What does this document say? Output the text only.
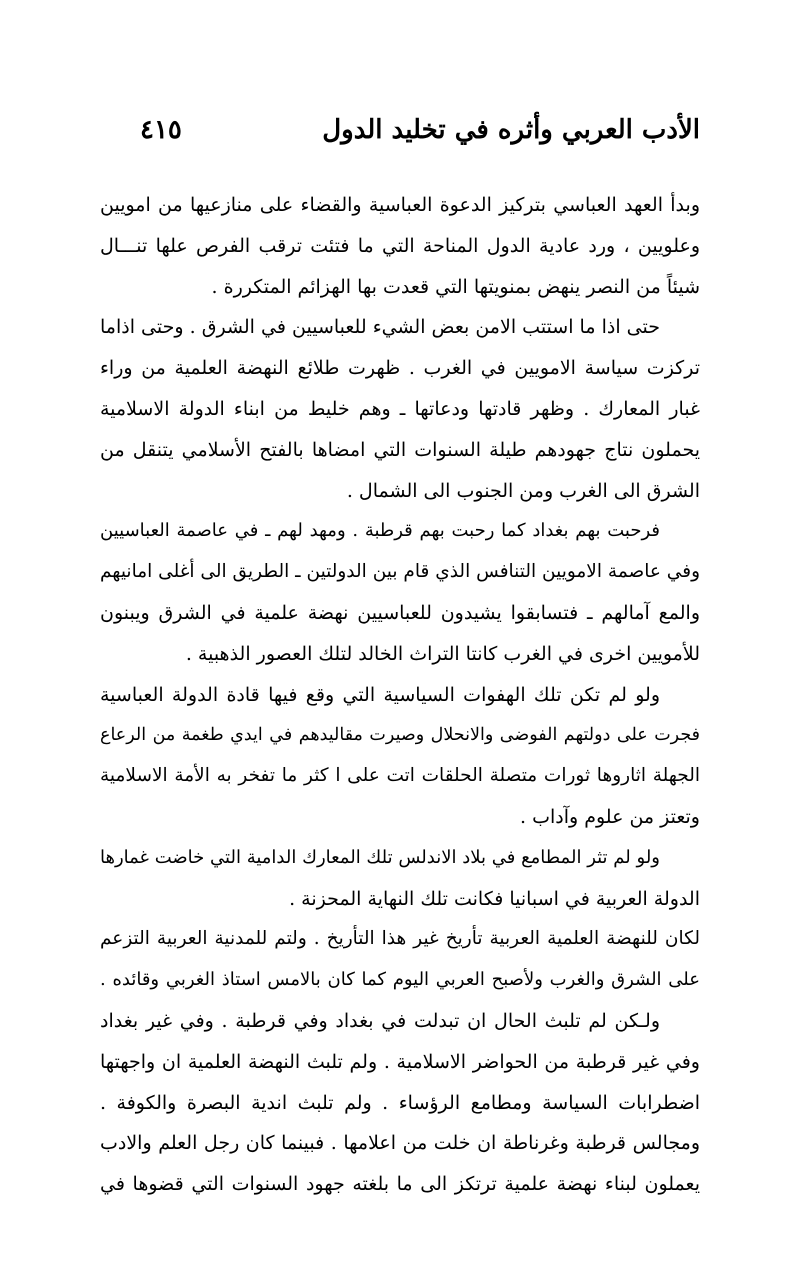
الأدب العربي وأثره في تخليد الدول
٤١٥
وبدأ العهد العباسي بتركيز الدعوة العباسية والقضاء على منازعيها من امويين
وعلويين ، ورد عادية الدول المناحة التي ما فتئت ترقب الفرص علها تنـــال
شيئاً من النصر ينهض بمنويتها التي قعدت بها الهزائم المتكررة .
حتى اذا ما استتب الامن بعض الشيء للعباسيين في الشرق . وحتى اذاما
تركزت سياسة الامويين في الغرب . ظهرت طلائع النهضة العلمية من وراء
غبار المعارك . وظهر قادتها ودعاتها ـ وهم خليط من ابناء الدولة الاسلامية
يحملون نتاج جهودهم طيلة السنوات التي امضاها بالفتح الأسلامي يتنقل من
الشرق الى الغرب ومن الجنوب الى الشمال .
فرحبت بهم بغداد كما رحبت بهم قرطبة . ومهد لهم ـ في عاصمة العباسيين
وفي عاصمة الامويين التنافس الذي قام بين الدولتين ـ الطريق الى أغلى امانيهم
والمع آمالهم ـ فتسابقوا يشيدون للعباسيين نهضة علمية في الشرق ويبنون
للأمويين اخرى في الغرب كانتا التراث الخالد لتلك العصور الذهبية .
ولو لم تكن تلك الهفوات السياسية التي وقع فيها قادة الدولة العباسية
فجرت على دولتهم الفوضى والانحلال وصيرت مقاليدهم في ايدي طغمة من الرعاع
الجهلة اثاروها ثورات متصلة الحلقات اتت على ا كثر ما تفخر به الأمة الاسلامية
وتعتز من علوم وآداب .
ولو لم تثر المطامع في بلاد الاندلس تلك المعارك الدامية التي خاضت غمارها
الدولة العربية في اسبانيا فكانت تلك النهاية المحزنة .
لكان للنهضة العلمية العربية تأريخ غير هذا التأريخ . ولتم للمدنية العربية التزعم
على الشرق والغرب ولأصبح العربي اليوم كما كان بالامس استاذ الغربي وقائده .
ولـكن لم تلبث الحال ان تبدلت في بغداد وفي قرطبة . وفي غير بغداد
وفي غير قرطبة من الحواضر الاسلامية . ولم تلبث النهضة العلمية ان واجهتها
اضطرابات السياسة ومطامع الرؤساء . ولم تلبث اندية البصرة والكوفة .
ومجالس قرطبة وغرناطة ان خلت من اعلامها . فبينما كان رجل العلم والادب
يعملون لبناء نهضة علمية ترتكز الى ما بلغته جهود السنوات التي قضوها في
